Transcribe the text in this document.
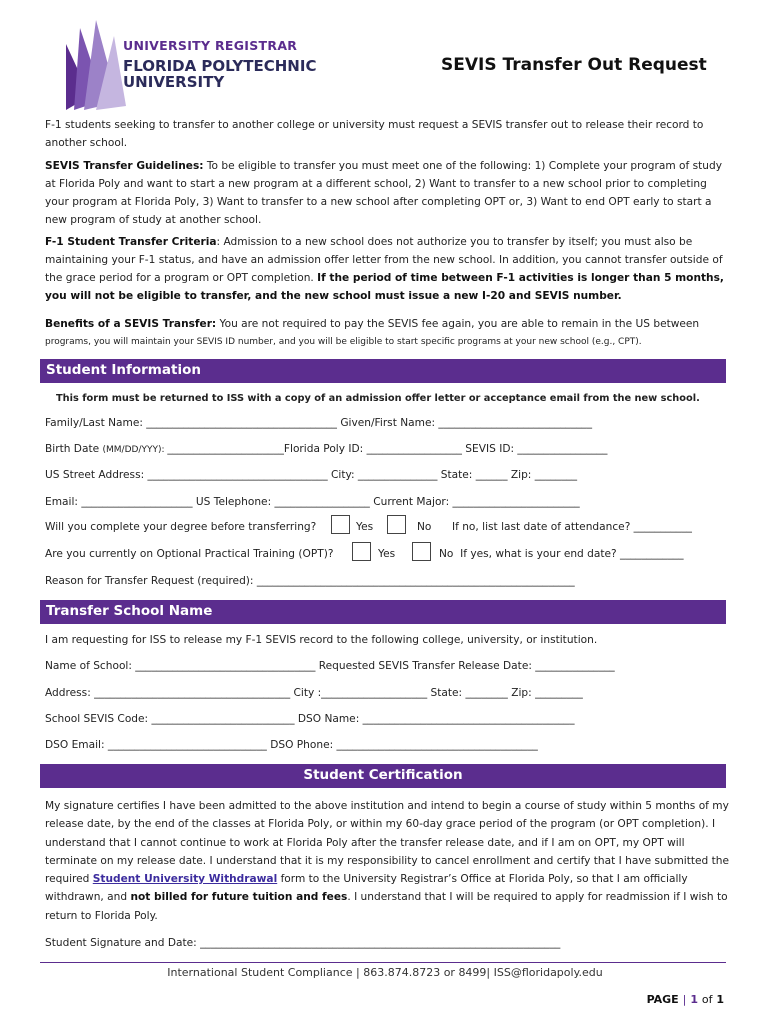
UNIVERSITY REGISTRAR
FLORIDA POLYTECHNIC
UNIVERSITY
SEVIS Transfer Out Request

F-1 students seeking to transfer to another college or university must request a SEVIS transfer out to release their record to another school.

SEVIS Transfer Guidelines: To be eligible to transfer you must meet one of the following: 1) Complete your program of study at Florida Poly and want to start a new program at a different school, 2) Want to transfer to a new school prior to completing your program at Florida Poly, 3) Want to transfer to a new school after completing OPT or, 3) Want to end OPT early to start a new program of study at another school.

F-1 Student Transfer Criteria: Admission to a new school does not authorize you to transfer by itself; you must also be maintaining your F-1 status, and have an admission offer letter from the new school. In addition, you cannot transfer outside of the grace period for a program or OPT completion. If the period of time between F-1 activities is longer than 5 months, you will not be eligible to transfer, and the new school must issue a new I-20 and SEVIS number.

Benefits of a SEVIS Transfer: You are not required to pay the SEVIS fee again, you are able to remain in the US between

programs, you will maintain your SEVIS ID number, and you will be eligible to start specific programs at your new school (e.g., CPT).

Student Information
This form must be returned to ISS with a copy of an admission offer letter or acceptance email from the new school.
Family/Last Name: ____________________________________ Given/First Name: _____________________________
Birth Date (MM/DD/YYY): ______________________Florida Poly ID: __________________ SEVIS ID: _________________
US Street Address: __________________________________ City: _______________ State: ______ Zip: ________
Email: _____________________ US Telephone: __________________ Current Major: ________________________
Will you complete your degree before transferring?	Yes	No If no, list last date of attendance? ___________
Are you currently on Optional Practical Training (OPT)?	Yes	No If yes, what is your end date? ____________
Reason for Transfer Request (required): ____________________________________________________________
Transfer School Name
I am requesting for ISS to release my F-1 SEVIS record to the following college, university, or institution.
Name of School: __________________________________ Requested SEVIS Transfer Release Date: _______________
Address: _____________________________________ City :____________________ State: ________ Zip: _________
School SEVIS Code: ___________________________ DSO Name: ________________________________________
DSO Email: ______________________________ DSO Phone: ______________________________________
Student Certification

My signature certifies I have been admitted to the above institution and intend to begin a course of study within 5 months of my release date, by the end of the classes at Florida Poly, or within my 60-day grace period of the program (or OPT completion). I understand that I cannot continue to work at Florida Poly after the transfer release date, and if I am on OPT, my OPT will terminate on my release date. I understand that it is my responsibility to cancel enrollment and certify that I have submitted the required Student University Withdrawal form to the University Registrar’s Office at Florida Poly, so that I am officially withdrawn, and not billed for future tuition and fees. I understand that I will be required to apply for readmission if I wish to return to Florida Poly.

Student Signature and Date: ____________________________________________________________________
International Student Compliance | 863.874.8723 or 8499| ISS@floridapoly.edu
PAGE | 1 of 1
